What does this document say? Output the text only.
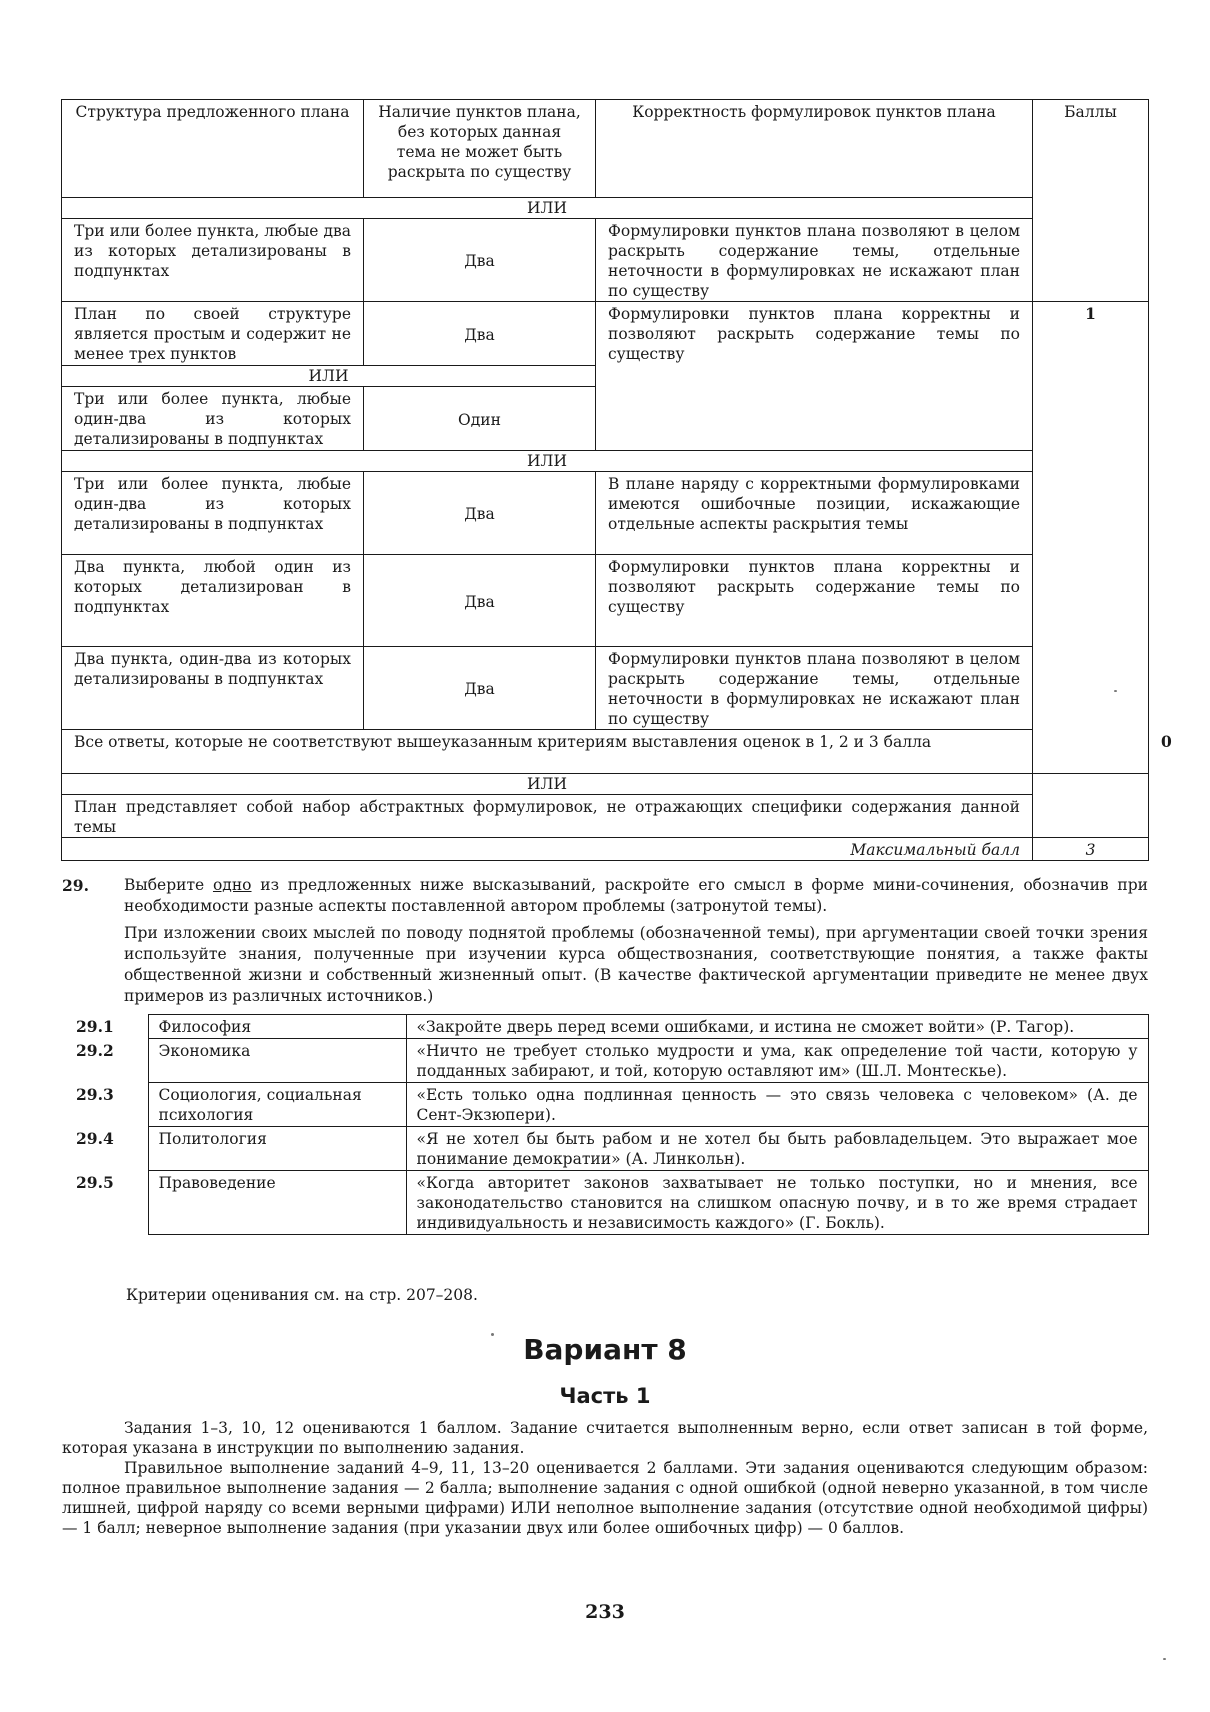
Структура предложенного плана	Наличие пунктов плана, без которых данная тема не может быть раскрыта по существу	Корректность формулировок пунктов плана	Баллы	
ИЛИ				
Три или более пункта, любые два из которых детализированы в подпунктах	Два	Формулировки пунктов плана позволяют в целом раскрыть содержание темы, отдельные неточности в формулировках не искажают план по существу		
План по своей структуре является простым и содержит не менее трех пунктов	Два	Формулировки пунктов плана корректны и позволяют раскрыть содержание темы по существу	1	
ИЛИ				
Три или более пункта, любые один-два из которых детализированы в подпунктах	Один			
ИЛИ				
Три или более пункта, любые один-два из которых детализированы в подпунктах	Два	В плане наряду с корректными формулировками имеются ошибочные позиции, искажающие отдельные аспекты раскрытия темы		
Два пункта, любой один из которых детализирован в подпунктах	Два	Формулировки пунктов плана корректны и позволяют раскрыть содержание темы по существу		
Два пункта, один-два из которых детализированы в подпунктах	Два	Формулировки пунктов плана позволяют в целом раскрыть содержание темы, отдельные неточности в формулировках не искажают план по существу		
Все ответы, которые не соответствуют вышеуказанным критериям выставления оценок в 1, 2 и 3 балла				0
ИЛИ				
План представляет собой набор абстрактных формулировок, не отражающих специфики содержания данной темы				
Максимальный балл			3	
29. Выберите одно из предложенных ниже высказываний, раскройте его смысл в форме мини-сочинения, обозначив при необходимости разные аспекты поставленной автором проблемы (затронутой темы).
При изложении своих мыслей по поводу поднятой проблемы (обозначенной темы), при аргументации своей точки зрения используйте знания, полученные при изучении курса обществознания, соответствующие понятия, а также факты общественной жизни и собственный жизненный опыт. (В качестве фактической аргументации приведите не менее двух примеров из различных источников.)
29.1	Философия	«Закройте дверь перед всеми ошибками, и истина не сможет войти» (Р. Тагор).
29.2	Экономика	«Ничто не требует столько мудрости и ума, как определение той части, которую у подданных забирают, и той, которую оставляют им» (Ш.Л. Монтескье).
29.3	Социология, социальная психология	«Есть только одна подлинная ценность — это связь человека с человеком» (А. де Сент-Экзюпери).
29.4	Политология	«Я не хотел бы быть рабом и не хотел бы быть рабовладельцем. Это выражает мое понимание демократии» (А. Линкольн).
29.5	Правоведение	«Когда авторитет законов захватывает не только поступки, но и мнения, все законодательство становится на слишком опасную почву, и в то же время страдает индивидуальность и независимость каждого» (Г. Бокль).
Критерии оценивания см. на стр. 207–208.
Вариант 8
Часть 1

Задания 1–3, 10, 12 оцениваются 1 баллом. Задание считается выполненным верно, если ответ записан в той форме, которая указана в инструкции по выполнению задания.

Правильное выполнение заданий 4–9, 11, 13–20 оценивается 2 баллами. Эти задания оцениваются следующим образом: полное правильное выполнение задания — 2 балла; выполнение задания с одной ошибкой (одной неверно указанной, в том числе лишней, цифрой наряду со всеми верными цифрами) ИЛИ неполное выполнение задания (отсутствие одной необходимой цифры) — 1 балл; неверное выполнение задания (при указании двух или более ошибочных цифр) — 0 баллов.

233
